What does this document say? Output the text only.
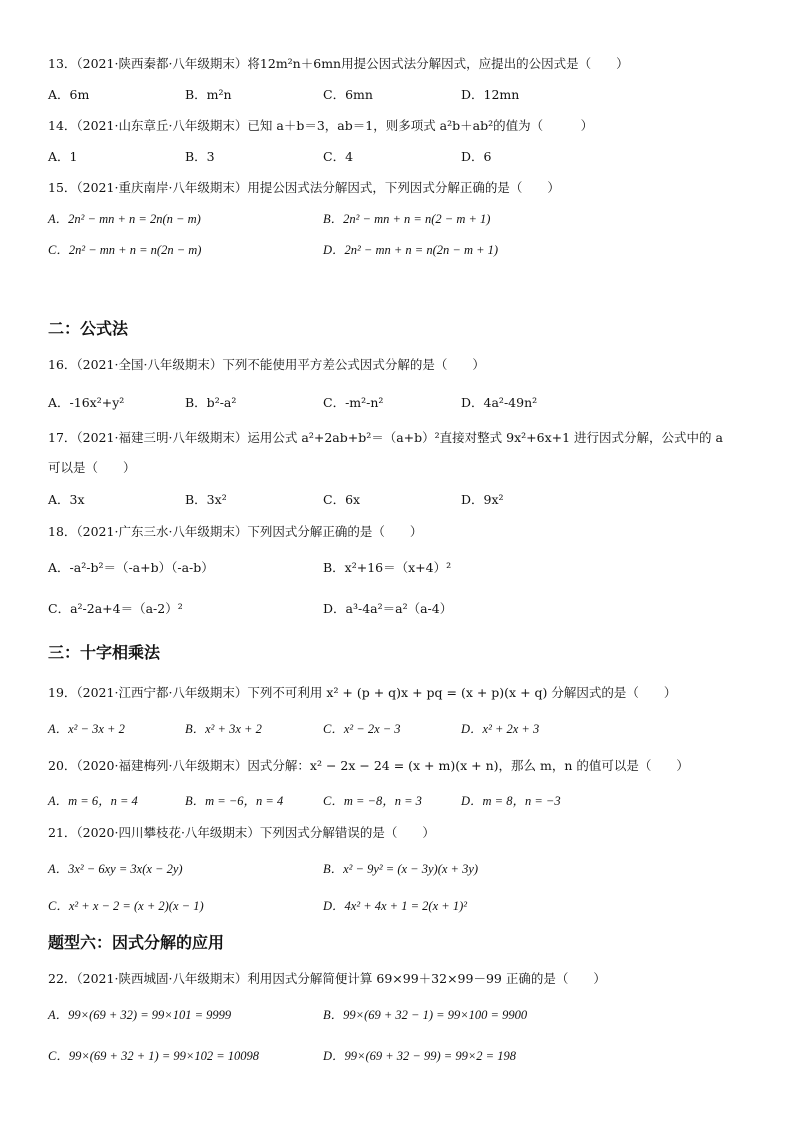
13．（2021·陕西秦都·八年级期末）将12m²n＋6mn用提公因式法分解因式，应提出的公因式是（　　）
A．6m	B．m²n	C．6mn	D．12mn
14．（2021·山东章丘·八年级期末）已知 a＋b＝3，ab＝1，则多项式 a²b＋ab²的值为（　　　）
A．1	B．3	C．4	D．6
15．（2021·重庆南岸·八年级期末）用提公因式法分解因式，下列因式分解正确的是（　　）
A．2n² − mn + n = 2n(n − m)	B．2n² − mn + n = n(2 − m + 1)
C．2n² − mn + n = n(2n − m)	D．2n² − mn + n = n(2n − m + 1)
二：公式法
16．（2021·全国·八年级期末）下列不能使用平方差公式因式分解的是（　　）
A．-16x²+y²	B．b²-a²	C．-m²-n²	D．4a²-49n²
17．（2021·福建三明·八年级期末）运用公式 a²+2ab+b²＝（a+b）²直接对整式 9x²+6x+1 进行因式分解，公式中的 a
可以是（　　）
A．3x	B．3x²	C．6x	D．9x²
18．（2021·广东三水·八年级期末）下列因式分解正确的是（　　）
A．-a²-b²＝（-a+b）（-a-b）	B．x²+16＝（x+4）²
C．a²-2a+4＝（a-2）²	D．a³-4a²＝a²（a-4）
三：十字相乘法
19．（2021·江西宁都·八年级期末）下列不可利用 x² + (p + q)x + pq = (x + p)(x + q) 分解因式的是（　　）
A．x² − 3x + 2	B．x² + 3x + 2	C．x² − 2x − 3	D．x² + 2x + 3
20．（2020·福建梅列·八年级期末）因式分解：x² − 2x − 24 = (x + m)(x + n)，那么 m，n 的值可以是（　　）
A．m = 6，n = 4	B．m = −6，n = 4	C．m = −8，n = 3	D．m = 8，n = −3
21．（2020·四川攀枝花·八年级期末）下列因式分解错误的是（　　）
A．3x² − 6xy = 3x(x − 2y)	B．x² − 9y² = (x − 3y)(x + 3y)
C．x² + x − 2 = (x + 2)(x − 1)	D．4x² + 4x + 1 = 2(x + 1)²
题型六：因式分解的应用
22．（2021·陕西城固·八年级期末）利用因式分解简便计算 69×99＋32×99－99 正确的是（　　）
A．99×(69 + 32) = 99×101 = 9999	B．99×(69 + 32 − 1) = 99×100 = 9900
C．99×(69 + 32 + 1) = 99×102 = 10098	D．99×(69 + 32 − 99) = 99×2 = 198
